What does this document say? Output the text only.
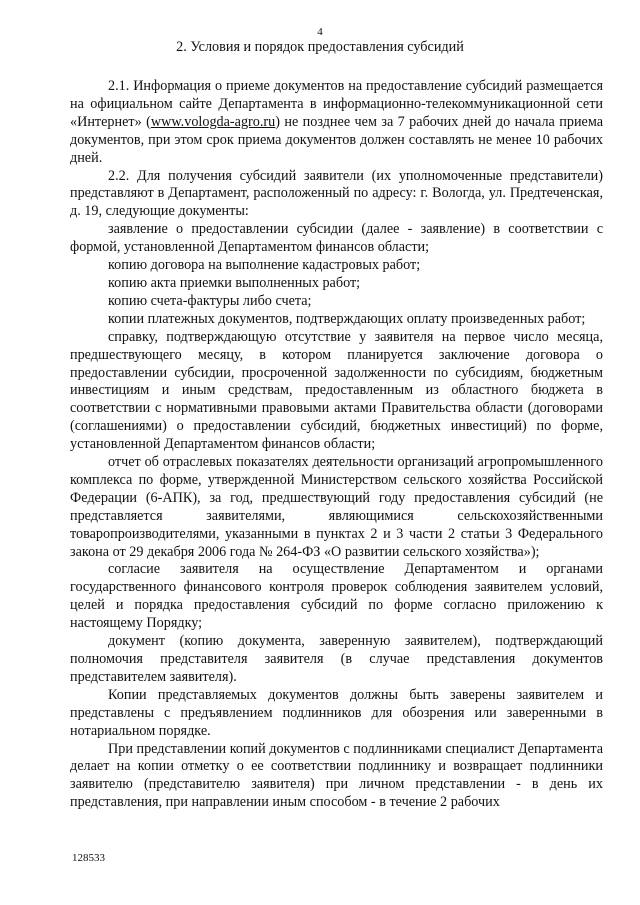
4
2. Условия и порядок предоставления субсидий

2.1. Информация о приеме документов на предоставление субсидий размещается на официальном сайте Департамента в информационно-телекоммуникационной сети «Интернет» (www.vologda-agro.ru) не позднее чем за 7 рабочих дней до начала приема документов, при этом срок приема документов должен составлять не менее 10 рабочих дней.

2.2. Для получения субсидий заявители (их уполномоченные представители) представляют в Департамент, расположенный по адресу: г. Вологда, ул. Предтеченская, д. 19, следующие документы:

заявление о предоставлении субсидии (далее - заявление) в соответствии с формой, установленной Департаментом финансов области;

копию договора на выполнение кадастровых работ;

копию акта приемки выполненных работ;

копию счета-фактуры либо счета;

копии платежных документов, подтверждающих оплату произведенных работ;

справку, подтверждающую отсутствие у заявителя на первое число месяца, предшествующего месяцу, в котором планируется заключение договора о предоставлении субсидии, просроченной задолженности по субсидиям, бюджетным инвестициям и иным средствам, предоставленным из областного бюджета в соответствии с нормативными правовыми актами Правительства области (договорами (соглашениями) о предоставлении субсидий, бюджетных инвестиций) по форме, установленной Департаментом финансов области;

отчет об отраслевых показателях деятельности организаций агропромышленного комплекса по форме, утвержденной Министерством сельского хозяйства Российской Федерации (6-АПК), за год, предшествующий году предоставления субсидий (не представляется заявителями, являющимися сельскохозяйственными товаропроизводителями, указанными в пунктах 2 и 3 части 2 статьи 3 Федерального закона от 29 декабря 2006 года № 264-ФЗ «О развитии сельского хозяйства»);

согласие заявителя на осуществление Департаментом и органами государственного финансового контроля проверок соблюдения заявителем условий, целей и порядка предоставления субсидий по форме согласно приложению к настоящему Порядку;

документ (копию документа, заверенную заявителем), подтверждающий полномочия представителя заявителя (в случае представления документов представителем заявителя).

Копии представляемых документов должны быть заверены заявителем и представлены с предъявлением подлинников для обозрения или заверенными в нотариальном порядке.

При представлении копий документов с подлинниками специалист Департамента делает на копии отметку о ее соответствии подлиннику и возвращает подлинники заявителю (представителю заявителя) при личном представлении - в день их представления, при направлении иным способом - в течение 2 рабочих

128533
